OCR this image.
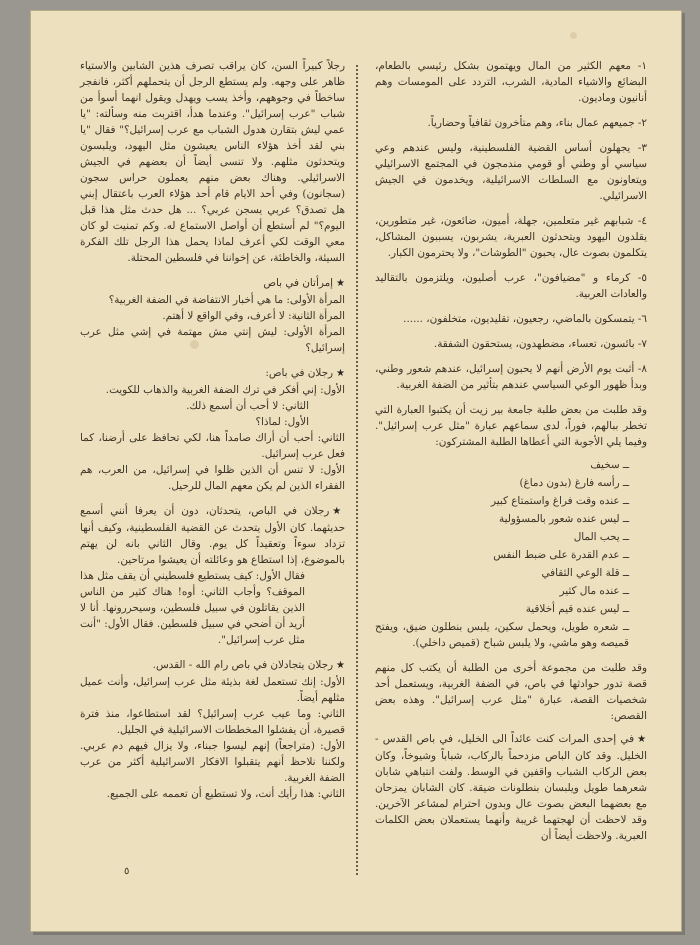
١- معهم الكثير من المال ويهتمون بشكل رئيسي بالطعام، البضائع والاشياء المادية، الشرب، التردد على المومسات وهم أنانيون وماديون.
٢- جميعهم عمال بناء، وهم متأخرون ثقافياً وحضارياً.
٣- يجهلون أساس القضية الفلسطينية، وليس عندهم وعي سياسي أو وطني أو قومي مندمجون في المجتمع الاسرائيلي ويتعاونون مع السلطات الاسرائيلية، ويخدمون في الجيش الاسرائيلي.
٤- شبابهم غير متعلمين، جهلة، أميون، ضائعون، غير متطورين، يقلدون اليهود ويتحدثون العبرية، يشربون، يسببون المشاكل، يتكلمون بصوت عال، يحبون "الطوشات"، ولا يحترمون الكبار.
٥- كرماء و "مضيافون"، عرب أصليون، ويلتزمون بالتقاليد والعادات العربية.
٦- يتمسكون بالماضي، رجعيون، تقليديون، متخلفون، ......
٧- بائسون، تعساء، مضطهدون، يستحقون الشفقة.
٨- أثبت يوم الأرض أنهم لا يحبون إسرائيل، عندهم شعور وطني، وبدأ ظهور الوعي السياسي عندهم بتأثير من الضفة الغربية.

وقد طلبت من بعض طلبة جامعة بير زيت أن يكتبوا العبارة التي تخطر ببالهم، فوراً، لدى سماعهم عبارة "مثل عرب إسرائيل". وفيما يلي الأجوبة التي أعطاها الطلبة المشتركون:

ــ سخيف
ــ رأسه فارغ (بدون دماغ)
ــ عنده وقت فراغ واستمتاع كبير
ــ ليس عنده شعور بالمسؤولية
ــ يحب المال
ــ عدم القدرة على ضبط النفس
ــ قلة الوعي الثقافي
ــ عنده مال كثير
ــ ليس عنده قيم أخلاقية
ــ شعره طويل، ويحمل سكين، يلبس بنطلون ضيق، ويفتح قميصه وهو ماشي، ولا يلبس شباح (قميص داخلي).

وقد طلبت من مجموعة أخرى من الطلبة أن يكتب كل منهم قصة تدور حوادثها في باص، في الضفة الغربية، ويستعمل أحد شخصيات القصة، عبارة "مثل عرب إسرائيل". وهذه بعض القصص:

★في إحدى المرات كنت عائداً الى الخليل، في باص القدس - الخليل. وقد كان الباص مزدحماً بالركاب، شباباً وشيوخاً، وكان بعض الركاب الشباب واقفين في الوسط. ولفت انتباهي شابان شعرهما طويل ويلبسان بنطلونات ضيقة. كان الشابان يمزحان مع بعضهما البعض بصوت عال وبدون احترام لمشاعر الآخرين. وقد لاحظت أن لهجتهما غريبة وأنهما يستعملان بعض الكلمات العبرية. ولاحظت أيضاً أن

رجلاً كبيراً السن، كان يراقب تصرف هذين الشابين والاستياء ظاهر على وجهه. ولم يستطع الرجل أن يتحملهم أكثر، فانفجر ساخطاً في وجوههم، وأخذ يسب ويهدل ويقول انهما أسوأ من شباب "عرب إسرائيل". وعندما هدأ، اقتربت منه وسألته: "يا عمي ليش بتقارن هدول الشباب مع عرب إسرائيل؟" فقال "يا بني لقد أخذ هؤلاء الناس يعيشون مثل اليهود، ويلبسون ويتحدثون مثلهم. ولا تنسى أيضاً أن بعضهم في الجيش الاسرائيلي. وهناك بعض منهم يعملون حراس سجون (سجانون) وفي أحد الايام قام أحد هؤلاء العرب باعتقال إبني هل تصدق؟ عربي يسجن عربي؟ ... هل حدث مثل هذا قبل اليوم؟" لم أستطع أن أواصل الاستماع له. وكم تمنيت لو كان معي الوقت لكي أعرف لماذا يحمل هذا الرجل تلك الفكرة السيئة، والخاطئة، عن إخواننا في فلسطين المحتلة.

★إمرأتان في باص
المرأة الأولى: ما هي أخبار الانتفاضة في الضفة الغربية؟
المرأة الثانية: لا أعرف، وفي الواقع لا أهتم.
المرأة الأولى: ليش إنتي مش مهتمة في إشي مثل عرب إسرائيل؟
★رجلان في باص:
الأول: إني أفكر في ترك الضفة الغربية والذهاب للكويت.
الثاني: لا أحب أن أسمع ذلك.
الأول: لماذا؟
الثاني: أحب أن أراك صامداً هنا، لكي تحافظ على أرضنا، كما فعل عرب إسرائيل.
الأول: لا تنس أن الذين ظلوا في إسرائيل، من العرب، هم الفقراء الذين لم يكن معهم المال للرحيل.

★رجلان في الباص، يتحدثان، دون أن يعرفا أنني أسمع حديثهما. كان الأول يتحدث عن القضية الفلسطينية، وكيف أنها تزداد سوءاً وتعقيداً كل يوم. وقال الثاني بانه لن يهتم بالموضوع، إذا استطاع هو وعائلته أن يعيشوا مرتاحين.

فقال الأول: كيف يستطيع فلسطيني أن يقف مثل هذا الموقف؟ وأجاب الثاني: أوه! هناك كثير من الناس الذين يقاتلون في سبيل فلسطين، وسيحررونها. أنا لا أريد أن أضحي في سبيل فلسطين. فقال الأول: "أنت مثل عرب إسرائيل".

★رجلان يتجادلان في باص رام الله - القدس.
الأول: إنك تستعمل لغة بذيئة مثل عرب إسرائيل، وأنت عميل مثلهم أيضاً.
الثاني: وما عيب عرب إسرائيل؟ لقد استطاعوا، منذ فترة قصيرة، أن يفشلوا المخططات الاسرائيلية في الجليل.
الأول: (متراجعاً) إنهم ليسوا جبناء، ولا يزال فيهم دم عربي. ولكننا نلاحظ أنهم يتقبلوا الافكار الاسرائيلية أكثر من عرب الضفة الغربية.
الثاني: هذا رأيك أنت، ولا تستطيع أن تعممه على الجميع.
٥
